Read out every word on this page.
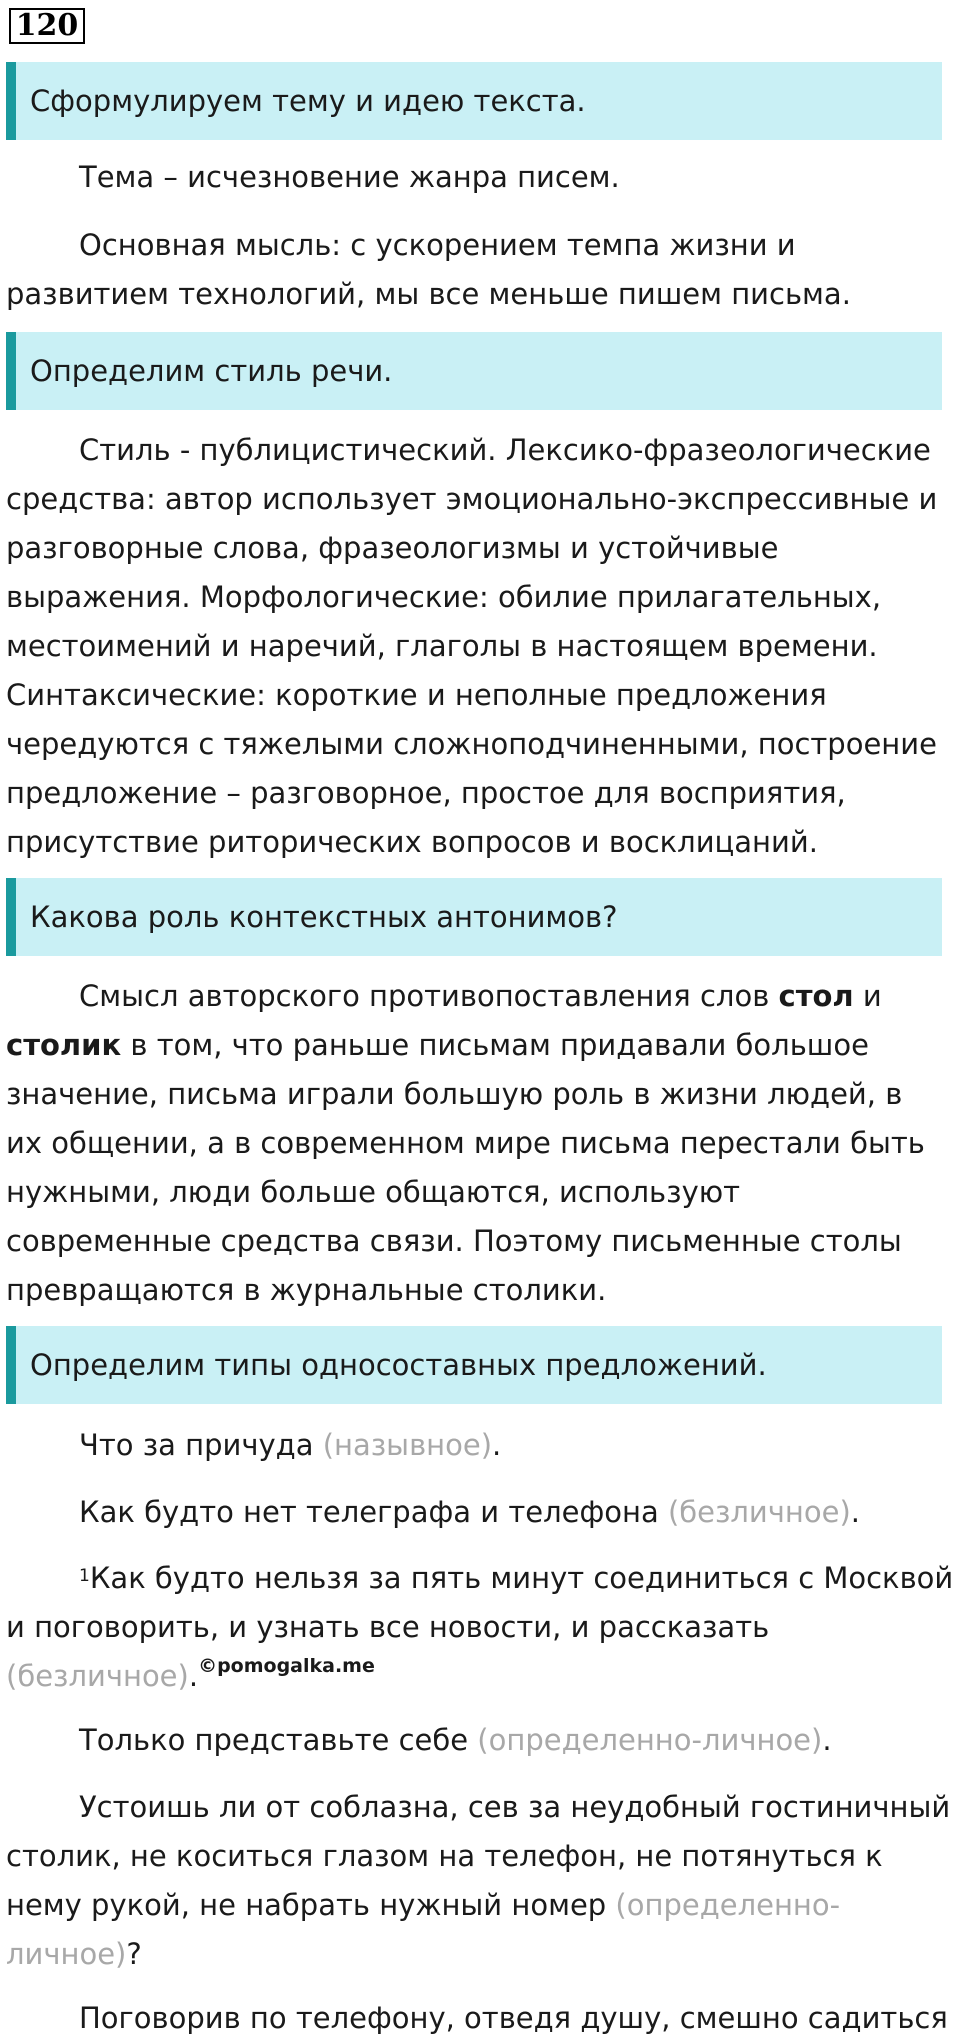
120
Сформулируем тему и идею текста.
Тема – исчезновение жанра писем.
Основная мысль: с ускорением темпа жизни и
развитием технологий, мы все меньше пишем письма.
Определим стиль речи.
Стиль - публицистический. Лексико-фразеологические
средства: автор использует эмоционально-экспрессивные и
разговорные слова, фразеологизмы и устойчивые
выражения. Морфологические: обилие прилагательных,
местоимений и наречий, глаголы в настоящем времени.
Синтаксические: короткие и неполные предложения
чередуются с тяжелыми сложноподчиненными, построение
предложение – разговорное, простое для восприятия,
присутствие риторических вопросов и восклицаний.
Какова роль контекстных антонимов?
Смысл авторского противопоставления слов стол и
столик в том, что раньше письмам придавали большое
значение, письма играли большую роль в жизни людей, в
их общении, а в современном мире письма перестали быть
нужными, люди больше общаются, используют
современные средства связи. Поэтому письменные столы
превращаются в журнальные столики.
Определим типы односоставных предложений.
Что за причуда (назывное).
Как будто нет телеграфа и телефона (безличное).
$^1$Как будто нельзя за пять минут соединиться с Москвой
и поговорить, и узнать все новости, и рассказать
(безличное).$^{©pomogalka.me}$
Только представьте себе (определенно-личное).
Устоишь ли от соблазна, сев за неудобный гостиничный
столик, не коситься глазом на телефон, не потянуться к
нему рукой, не набрать нужный номер (определенно-
личное)?
Поговорив по телефону, отведя душу, смешно садиться
